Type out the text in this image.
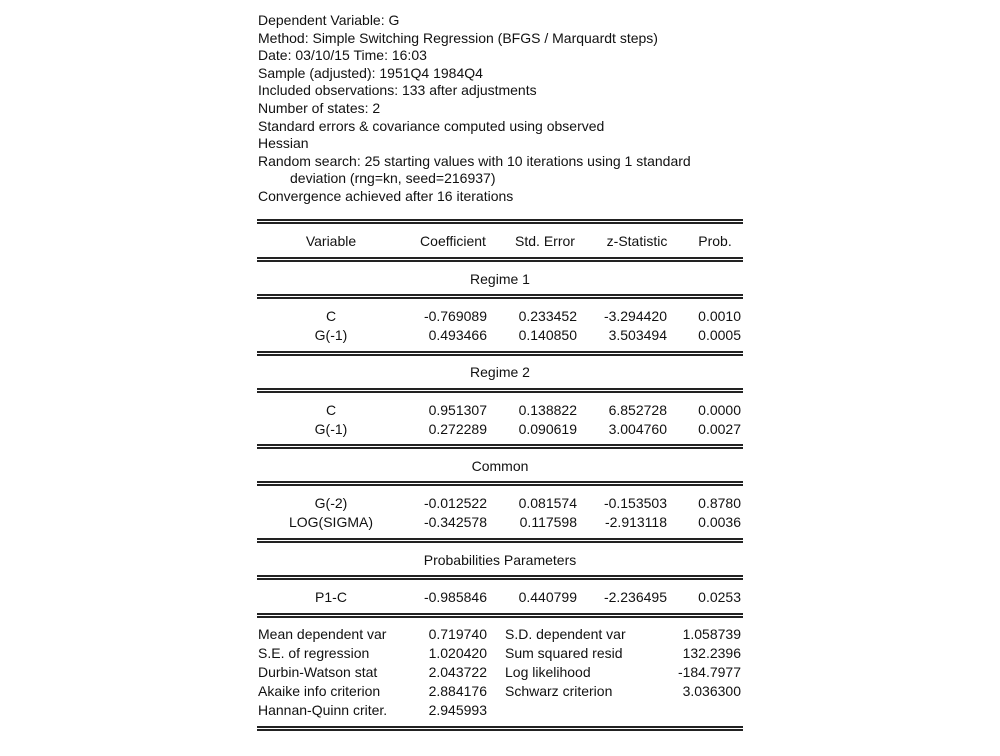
Dependent Variable: G
Method: Simple Switching Regression (BFGS / Marquardt steps)
Date: 03/10/15 Time: 16:03
Sample (adjusted): 1951Q4 1984Q4
Included observations: 133 after adjustments
Number of states: 2
Standard errors & covariance computed using observed
Hessian
Random search: 25 starting values with 10 iterations using 1 standard
deviation (rng=kn, seed=216937)
Convergence achieved after 16 iterations
Variable	Coefficient	Std. Error	z-Statistic	Prob.
Regime 1
C	-0.769089 0.233452 -3.294420 0.0010
G(-1)	0.493466 0.140850 3.503494 0.0005
Regime 2
C	0.951307 0.138822 6.852728 0.0000
G(-1)	0.272289 0.090619 3.004760 0.0027
Common
G(-2)	-0.012522 0.081574 -0.153503 0.8780
LOG(SIGMA)	-0.342578 0.117598 -2.913118 0.0036
Probabilities Parameters
P1-C	-0.985846 0.440799 -2.236495 0.0253
Mean dependent var	0.719740 S.D. dependent var	1.058739
S.E. of regression	1.020420 Sum squared resid	132.2396
Durbin-Watson stat	2.043722 Log likelihood	-184.7977
Akaike info criterion	2.884176 Schwarz criterion	3.036300
Hannan-Quinn criter.	2.945993
